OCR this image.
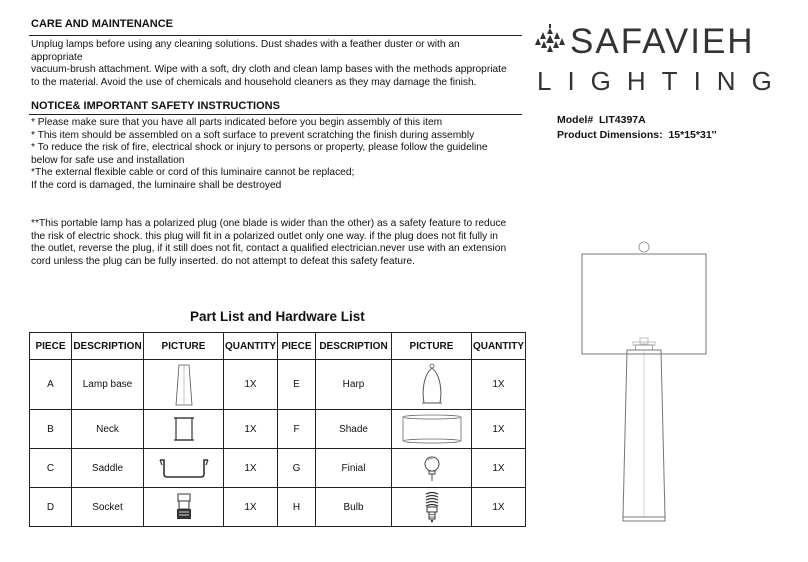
CARE AND MAINTENANCE
Unplug lamps before using any cleaning solutions. Dust shades with a feather duster or with an
appropriate
vacuum-brush attachment. Wipe with a soft, dry cloth and clean lamp bases with the methods appropriate
to the material. Avoid the use of chemicals and household cleaners as they may damage the finish.
NOTICE& IMPORTANT SAFETY INSTRUCTIONS
* Please make sure that you have all parts indicated before you begin assembly of this item
* This item should be assembled on a soft surface to prevent scratching the finish during assembly
* To reduce the risk of fire, electrical shock or injury to persons or property, please follow the guideline
below for safe use and installation
*The external flexible cable or cord of this luminaire cannot be replaced;
If the cord is damaged, the luminaire shall be destroyed
**This portable lamp has a polarized plug (one blade is wider than the other) as a safety feature to reduce
the risk of electric shock. this plug will fit in a polarized outlet only one way. if the plug does not fit fully in
the outlet, reverse the plug, if it still does not fit, contact a qualified electrician.never use with an extension
cord unless the plug can be fully inserted. do not attempt to defeat this safety feature.
SAFAVIEH
LIGHTING
Model# LIT4397A
Product Dimensions: 15*15*31''
Part List and Hardware List
PIECE	DESCRIPTION	PICTURE	QUANTITY	PIECE	DESCRIPTION	PICTURE	QUANTITY
A	Lamp base		1X	E	Harp		1X
B	Neck		1X	F	Shade		1X
C	Saddle		1X	G	Finial		1X
D	Socket		1X	H	Bulb		1X
